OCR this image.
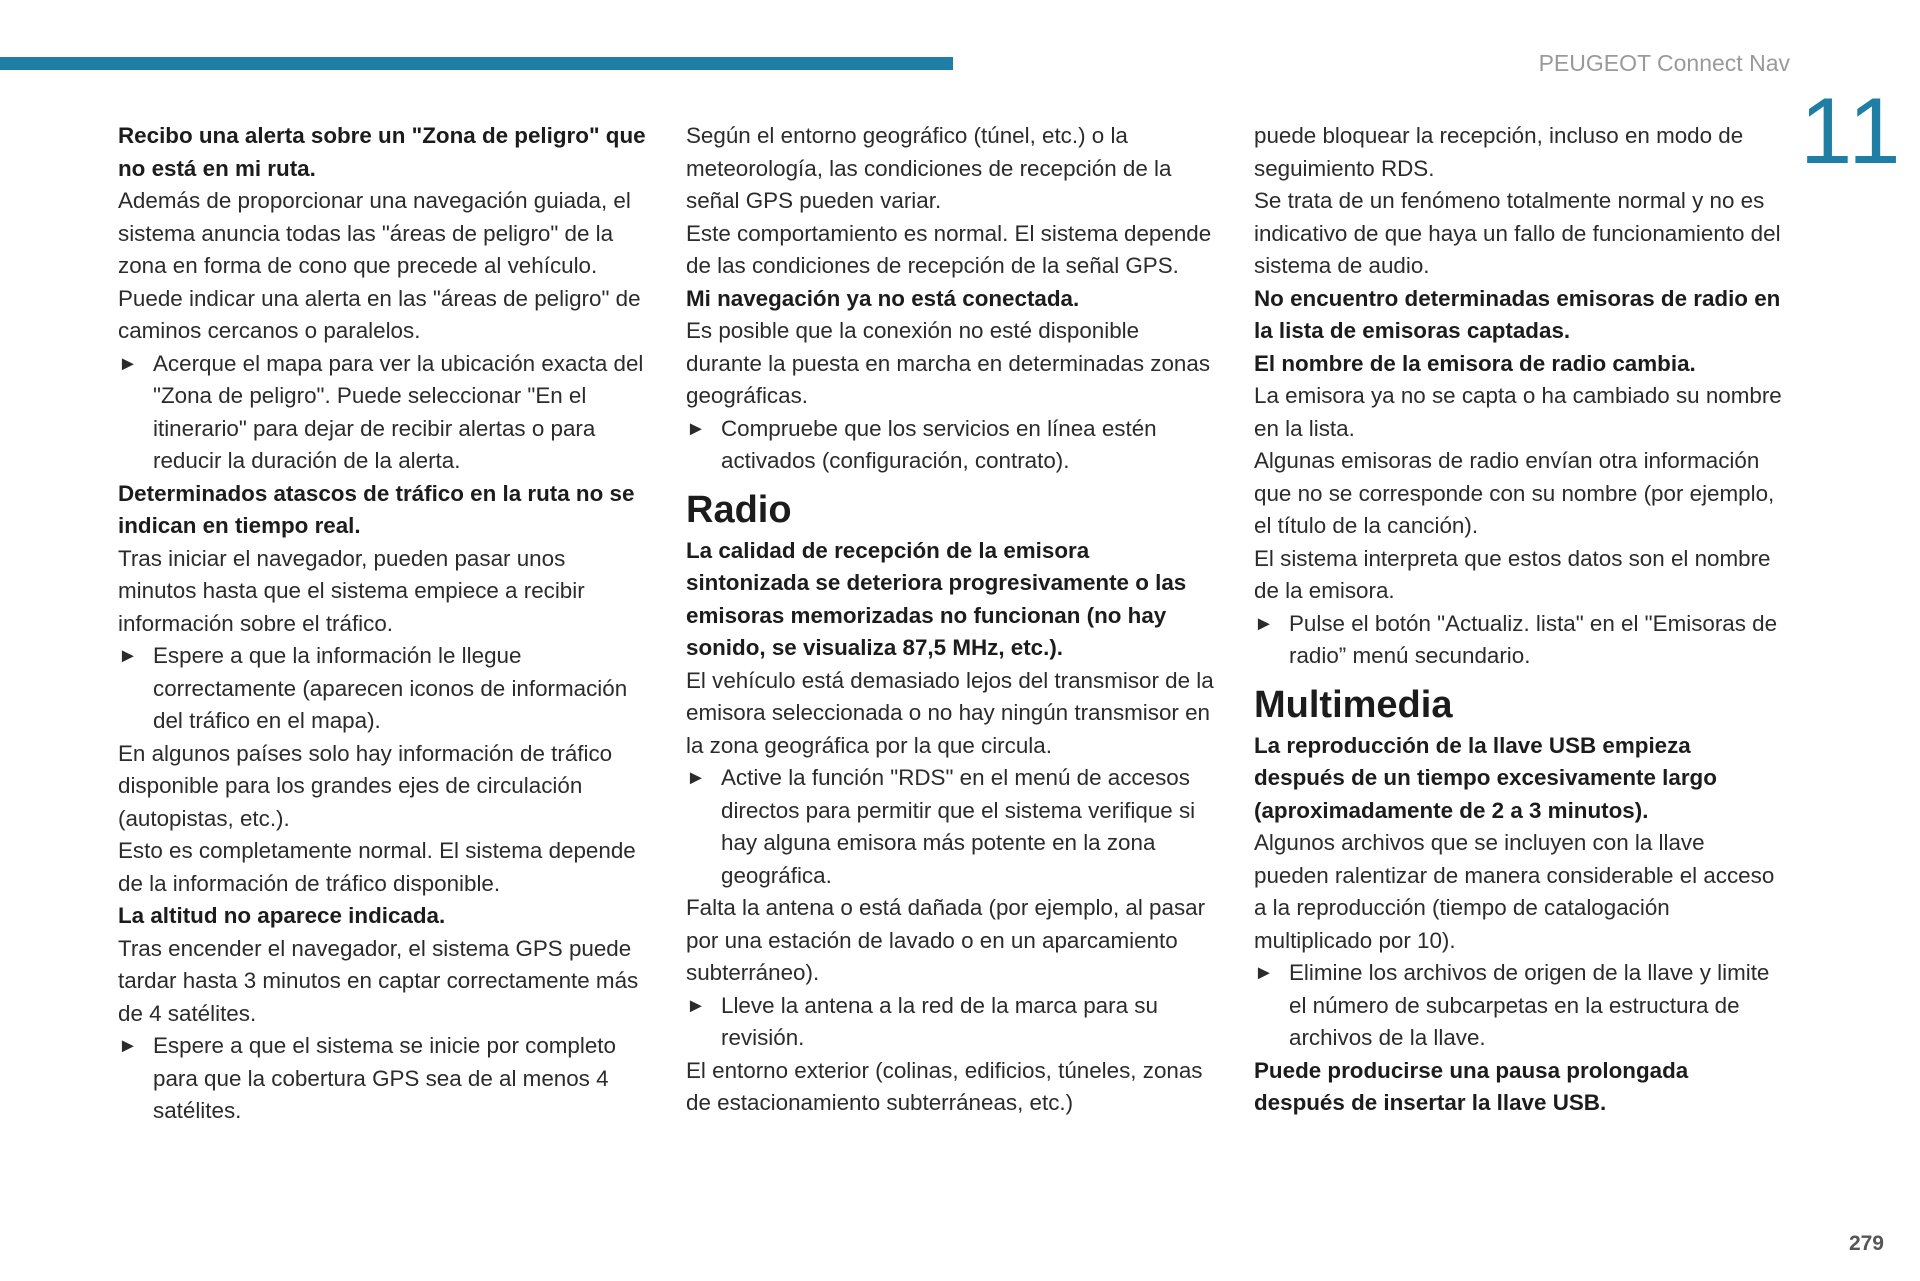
PEUGEOT Connect Nav
11

Recibo una alerta sobre un "Zona de peligro" que no está en mi ruta.

Además de proporcionar una navegación guiada, el sistema anuncia todas las "áreas de peligro" de la zona en forma de cono que precede al vehículo. Puede indicar una alerta en las "áreas de peligro" de caminos cercanos o paralelos.

► Acerque el mapa para ver la ubicación exacta del "Zona de peligro". Puede seleccionar "En el itinerario" para dejar de recibir alertas o para reducir la duración de la alerta.

Determinados atascos de tráfico en la ruta no se indican en tiempo real.

Tras iniciar el navegador, pueden pasar unos minutos hasta que el sistema empiece a recibir información sobre el tráfico.

► Espere a que la información le llegue correctamente (aparecen iconos de información del tráfico en el mapa).

En algunos países solo hay información de tráfico disponible para los grandes ejes de circulación (autopistas, etc.).

Esto es completamente normal. El sistema depende de la información de tráfico disponible.

La altitud no aparece indicada.

Tras encender el navegador, el sistema GPS puede tardar hasta 3 minutos en captar correctamente más de 4 satélites.

► Espere a que el sistema se inicie por completo para que la cobertura GPS sea de al menos 4 satélites.

Según el entorno geográfico (túnel, etc.) o la meteorología, las condiciones de recepción de la señal GPS pueden variar.

Este comportamiento es normal. El sistema depende de las condiciones de recepción de la señal GPS.

Mi navegación ya no está conectada.

Es posible que la conexión no esté disponible durante la puesta en marcha en determinadas zonas geográficas.

► Compruebe que los servicios en línea estén activados (configuración, contrato).

Radio

La calidad de recepción de la emisora sintonizada se deteriora progresivamente o las emisoras memorizadas no funcionan (no hay sonido, se visualiza 87,5 MHz, etc.).

El vehículo está demasiado lejos del transmisor de la emisora seleccionada o no hay ningún transmisor en la zona geográfica por la que circula.

► Active la función "RDS" en el menú de accesos directos para permitir que el sistema verifique si hay alguna emisora más potente en la zona geográfica.

Falta la antena o está dañada (por ejemplo, al pasar por una estación de lavado o en un aparcamiento subterráneo).

► Lleve la antena a la red de la marca para su revisión.

El entorno exterior (colinas, edificios, túneles, zonas de estacionamiento subterráneas, etc.)

puede bloquear la recepción, incluso en modo de seguimiento RDS.

Se trata de un fenómeno totalmente normal y no es indicativo de que haya un fallo de funcionamiento del sistema de audio.

No encuentro determinadas emisoras de radio en la lista de emisoras captadas.

El nombre de la emisora de radio cambia.

La emisora ya no se capta o ha cambiado su nombre en la lista.

Algunas emisoras de radio envían otra información que no se corresponde con su nombre (por ejemplo, el título de la canción).

El sistema interpreta que estos datos son el nombre de la emisora.

► Pulse el botón "Actualiz. lista" en el "Emisoras de radio” menú secundario.

Multimedia

La reproducción de la llave USB empieza después de un tiempo excesivamente largo (aproximadamente de 2 a 3 minutos).

Algunos archivos que se incluyen con la llave pueden ralentizar de manera considerable el acceso a la reproducción (tiempo de catalogación multiplicado por 10).

► Elimine los archivos de origen de la llave y limite el número de subcarpetas en la estructura de archivos de la llave.

Puede producirse una pausa prolongada después de insertar la llave USB.

279
